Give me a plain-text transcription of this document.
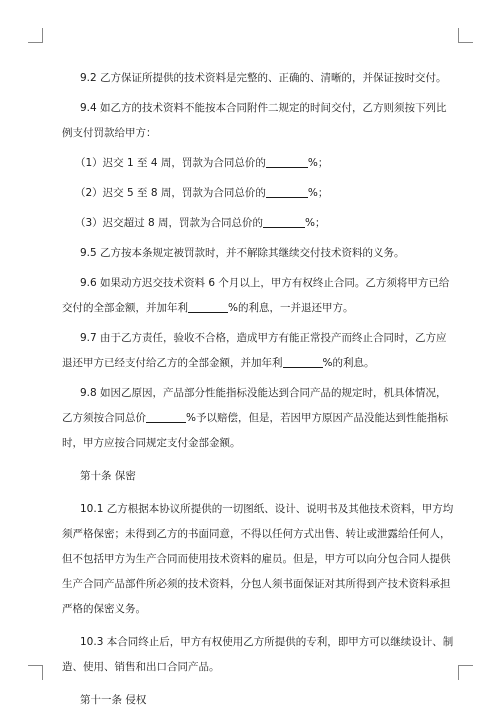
9.2 乙方保证所提供的技术资料是完整的、正确的、清晰的，并保证按时交付。

9.4 如乙方的技术资料不能按本合同附件二规定的时间交付，乙方则须按下列比

例支付罚款给甲方：

（1）迟交 1 至 4 周，罚款为合同总价的	%；

（2）迟交 5 至 8 周，罚款为合同总价的	%；

（3）迟交超过 8 周，罚款为合同总价的	%；

9.5 乙方按本条规定被罚款时，并不解除其继续交付技术资料的义务。

9.6 如果动方迟交技术资料 6 个月以上，甲方有权终止合同。乙方须将甲方已给

交付的全部金额，并加年利	%的利息，一并退还甲方。

9.7 由于乙方责任，验收不合格，造成甲方有能正常投产而终止合同时，乙方应

退还甲方已经支付给乙方的全部金额，并加年利	%的利息。

9.8 如因乙原因，产品部分性能指标没能达到合同产品的规定时，机具体情况，

乙方须按合同总价	%予以赔偿，但是，若因甲方原因产品没能达到性能指标

时，甲方应按合同规定支付金部金额。

第十条 保密

10.1 乙方根据本协议所提供的一切图纸、设计、说明书及其他技术资料，甲方均

须严格保密；未得到乙方的书面同意，不得以任何方式出售、转让或泄露给任何人，

但不包括甲方为生产合同而使用技术资料的雇员。但是，甲方可以向分包合同人提供

生产合同产品部件所必须的技术资料，分包人须书面保证对其所得到产技术资料承担

严格的保密义务。

10.3 本合同终止后，甲方有权使用乙方所提供的专利，即甲方可以继续设计、制

造、使用、销售和出口合同产品。

第十一条 侵权
